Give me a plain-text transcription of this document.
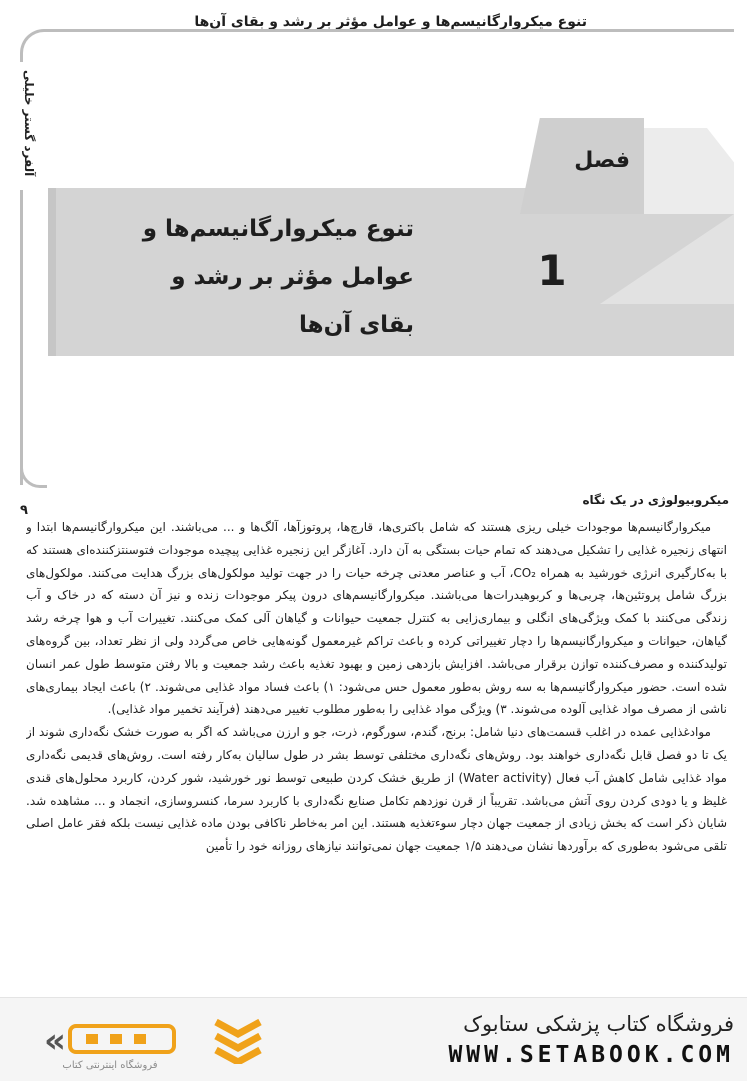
تنوع میکروارگانیسم‌ها و عوامل مؤثر بر رشد و بقای آن‌ها
آلفرد گستر خلیلی
۹
فصل
1
تنوع میکروارگانیسم‌ها و
عوامل مؤثر بر رشد و بقای آن‌ها
میکروبیولوژی در یک نگاه

میکروارگانیسم‌ها موجودات خیلی ریزی هستند که شامل باکتری‌ها، قارچ‌ها، پروتوزآها، آلگ‌ها و ... می‌باشند. این میکروارگانیسم‌ها ابتدا و انتهای زنجیره غذایی را تشکیل می‌دهند که تمام حیات بستگی به آن دارد. آغازگر این زنجیره غذایی پیچیده موجودات فتوسنتزکننده‌ای هستند که با به‌کارگیری انرژی خورشید به همراه CO₂، آب و عناصر معدنی چرخه حیات را در جهت تولید مولکول‌های بزرگ هدایت می‌کنند. مولکول‌های بزرگ شامل پروتئین‌ها، چربی‌ها و کربوهیدرات‌ها می‌باشند. میکروارگانیسم‌های درون پیکر موجودات زنده و نیز آن دسته که در خاک و آب زندگی می‌کنند با کمک ویژگی‌های انگلی و بیماری‌زایی به کنترل جمعیت حیوانات و گیاهان آلی کمک می‌کنند. تغییرات آب و هوا چرخه رشد گیاهان، حیوانات و میکروارگانیسم‌ها را دچار تغییراتی کرده و باعث تراکم غیرمعمول گونه‌هایی خاص می‌گردد ولی از نظر تعداد، بین گروه‌های تولیدکننده و مصرف‌کننده توازن برقرار می‌باشد. افزایش بازدهی زمین و بهبود تغذیه باعث رشد جمعیت و بالا رفتن متوسط طول عمر انسان شده است. حضور میکروارگانیسم‌ها به سه روش به‌طور معمول حس می‌شود: ۱) باعث فساد مواد غذایی می‌شوند. ۲) باعث ایجاد بیماری‌های ناشی از مصرف مواد غذایی آلوده می‌شوند. ۳) ویژگی مواد غذایی را به‌طور مطلوب تغییر می‌دهند (فرآیند تخمیر مواد غذایی).

موادغذایی عمده در اغلب قسمت‌های دنیا شامل: برنج، گندم، سورگوم، ذرت، جو و ارزن می‌باشد که اگر به صورت خشک نگه‌داری شوند از یک تا دو فصل قابل نگه‌داری خواهند بود. روش‌های نگه‌داری مختلفی توسط بشر در طول سالیان به‌کار رفته است. روش‌های قدیمی نگه‌داری مواد غذایی شامل کاهش آب فعال (Water activity) از طریق خشک کردن طبیعی توسط نور خورشید، شور کردن، کاربرد محلول‌های قندی غلیظ و یا دودی کردن روی آتش می‌باشد. تقریباً از قرن نوزدهم تکامل صنایع نگه‌داری با کاربرد سرما، کنسروسازی، انجماد و ... مشاهده شد. شایان ذکر است که بخش زیادی از جمعیت جهان دچار سوءتغذیه هستند. این امر به‌خاطر ناکافی بودن ماده غذایی نیست بلکه فقر عامل اصلی تلقی می‌شود به‌طوری که برآوردها نشان می‌دهند ۱/۵ جمعیت جهان نمی‌توانند نیازهای روزانه خود را تأمین

«
فروشگاه اینترنتی کتاب
فروشگاه کتاب پزشکی ستابوک
WWW.SETABOOK.COM
